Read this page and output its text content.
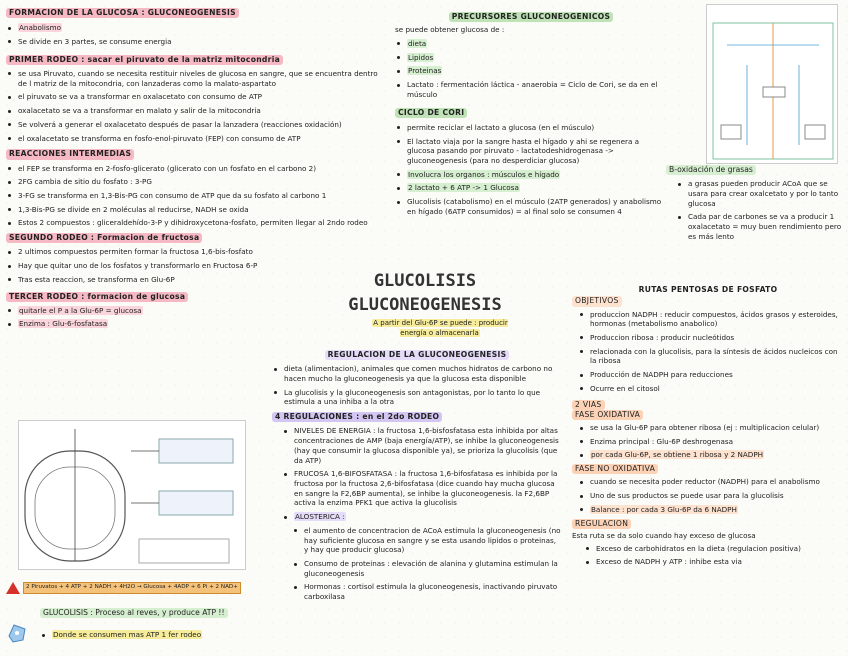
FORMACION DE LA GLUCOSA : GLUCONEOGENESIS
Anabolismo
Se divide en 3 partes, se consume energia
PRIMER RODEO : sacar el piruvato de la matriz mitocondria
se usa Piruvato, cuando se necesita restituir niveles de glucosa en sangre, que se encuentra dentro de l matriz de la mitocondria, con lanzaderas como la malato-aspartato
el piruvato se va a transformar en oxalacetato con consumo de ATP
oxalacetato se va a transformar en malato y salir de la mitocondria
Se volverá a generar el oxalacetato después de pasar la lanzadera (reacciones oxidación)
el oxalacetato se transforma en fosfo-enol-piruvato (FEP) con consumo de ATP
REACCIONES INTERMEDIAS
el FEP se transforma en 2-fosfo-glicerato (glicerato con un fosfato en el carbono 2)
2FG cambia de sitio du fosfato : 3-PG
3-FG se transforma en 1,3-Bis-PG con consumo de ATP que da su fosfato al carbono 1
1,3-Bis-PG se divide en 2 moléculas al reducirse, NADH se oxida
Estos 2 compuestos : gliceraldehído-3-P y dihidroxycetona-fosfato, permiten llegar al 2ndo rodeo
SEGUNDO RODEO : Formacion de fructosa
2 ultimos compuestos permiten formar la fructosa 1,6-bis-fosfato
Hay que quitar uno de los fosfatos y transformarlo en Fructosa 6-P
Tras esta reaccion, se transforma en Glu-6P
TERCER RODEO : formacion de glucosa
quitarle el P a la Glu-6P = glucosa
Enzima : Glu-6-fosfatasa
2 Piruvatos + 4 ATP + 2 NADH + 4H2O → Glucosa + 4ADP + 6 Pi + 2 NAD+
GLUCOLISIS : Proceso al reves, y produce ATP !!
Donde se consumen mas ATP 1 fer rodeo
PRECURSORES GLUCONEOGENICOS
se puede obtener glucosa de :
dieta
Lipidos
Proteinas
Lactato : fermentación láctica - anaerobia = Ciclo de Cori, se da en el músculo
CICLO DE CORI
permite reciclar el lactato a glucosa (en el músculo)
El lactato viaja por la sangre hasta el hígado y ahi se regenera a glucosa pasando por piruvato - lactatodeshidrogenasa -> gluconeogenesis (para no desperdiciar glucosa)
Involucra los organos : músculos e hígado
2 lactato + 6 ATP -> 1 Glucosa
Glucolisis (catabolismo) en el músculo (2ATP generados) y anabolismo en hígado (6ATP consumidos) = al final solo se consumen 4
GLUCOLISIS
GLUCONEOGENESIS
A partir del Glu-6P se puede : producir energía o almacenarla
REGULACION DE LA GLUCONEOGENESIS
dieta (alimentacion), animales que comen muchos hidratos de carbono no hacen mucho la gluconeogenesis ya que la glucosa esta disponible
La glucolisis y la gluconeogenesis son antagonistas, por lo tanto lo que estimula a una inhiba a la otra
4 REGULACIONES : en el 2do RODEO
NIVELES DE ENERGIA : la fructosa 1,6-bisfosfatasa esta inhibida por altas concentraciones de AMP (baja energía/ATP), se inhibe la gluconeogenesis (hay que consumir la glucosa disponible ya), se prioriza la glucolisis (que da ATP)
FRUCOSA 1,6-BIFOSFATASA : la fructosa 1,6-bifosfatasa es inhibida por la fructosa por la fructosa 2,6-bifosfatasa (dice cuando hay mucha glucosa en sangre la F2,6BP aumenta), se inhibe la gluconeogenesis. la F2,6BP activa la enzima PFK1 que activa la glucolisis
ALOSTERICA :
el aumento de concentracion de ACoA estimula la gluconeogenesis (no hay suficiente glucosa en sangre y se esta usando lipidos o proteinas, y hay que producir glucosa)
Consumo de proteinas : elevación de alanina y glutamina estimulan la gluconeogenesis
Hormonas : cortisol estimula la gluconeogenesis, inactivando piruvato carboxilasa
B-oxidación de grasas
a grasas pueden producir ACoA que se usara para crear oxalcetato y por lo tanto glucosa
Cada par de carbones se va a producir 1 oxalacetato = muy buen rendimiento pero es más lento
RUTAS PENTOSAS DE FOSFATO
OBJETIVOS
produccion NADPH : reducir compuestos, ácidos grasos y esteroides, hormonas (metabolismo anabolico)
Produccion ribosa : producir nucleótidos
relacionada con la glucolisis, para la síntesis de ácidos nucleicos con la ribosa
Producción de NADPH para reducciones
Ocurre en el citosol
2 VIAS
FASE OXIDATIVA
se usa la Glu-6P para obtener ribosa (ej : multiplicacion celular)
Enzima principal : Glu-6P deshrogenasa
por cada Glu-6P, se obtiene 1 ribosa y 2 NADPH
FASE NO OXIDATIVA
cuando se necesita poder reductor (NADPH) para el anabolismo
Uno de sus productos se puede usar para la glucolisis
Balance : por cada 3 Glu-6P da 6 NADPH
REGULACION
Esta ruta se da solo cuando hay exceso de glucosa
Exceso de carbohidratos en la dieta (regulacion positiva)
Exceso de NADPH y ATP : inhibe esta via
